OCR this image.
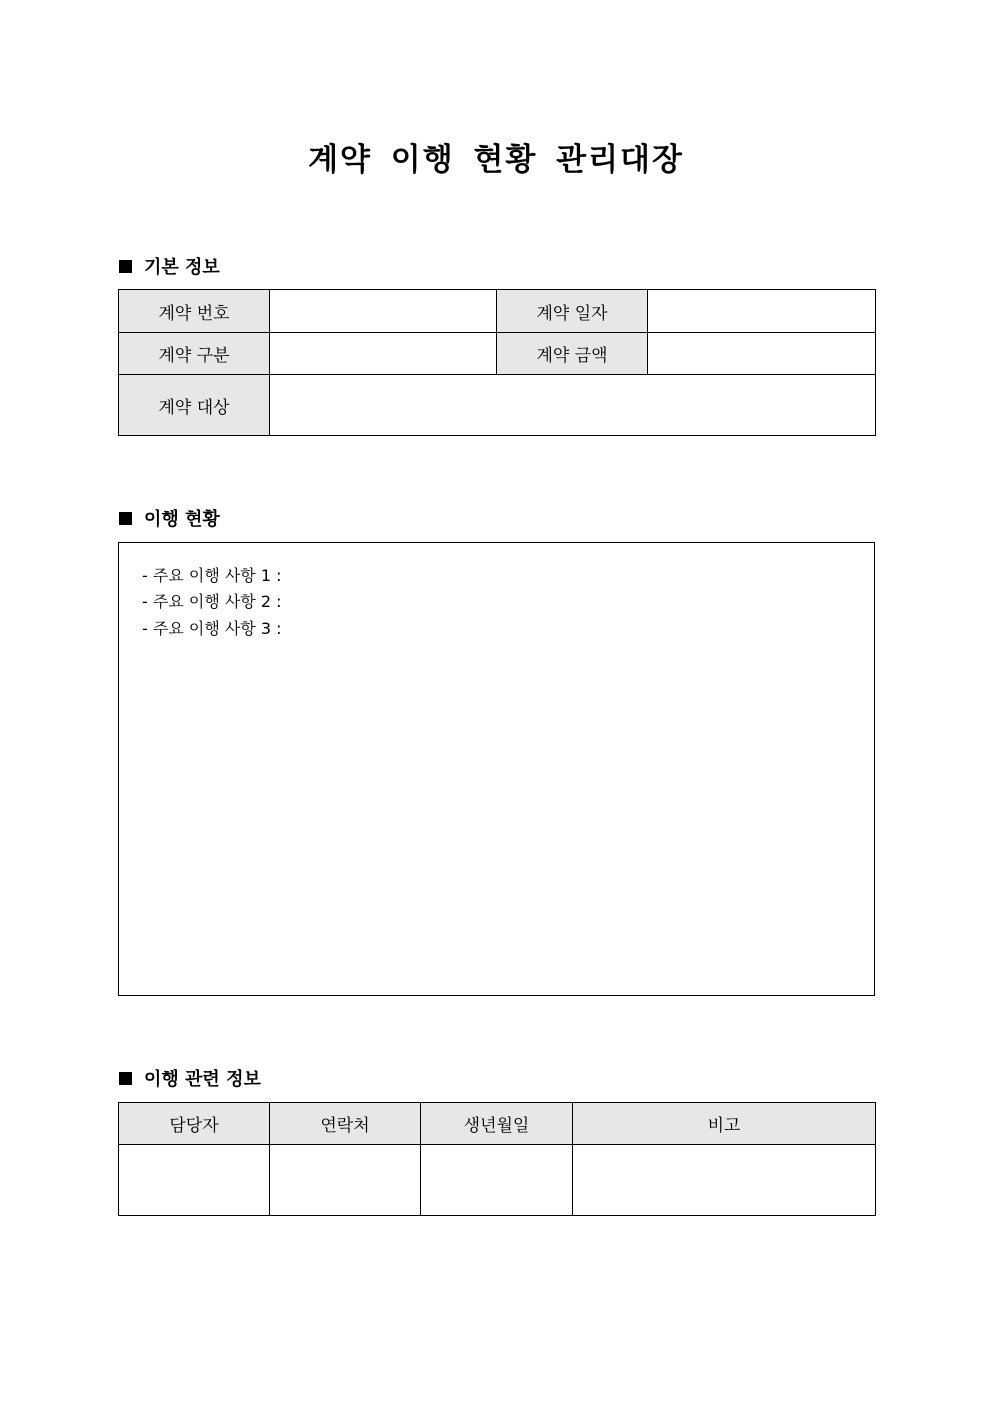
계약 이행 현황 관리대장
기본 정보
계약 번호		계약 일자	
계약 구분		계약 금액	
계약 대상			
이행 현황
- 주요 이행 사항 1 :
- 주요 이행 사항 2 :
- 주요 이행 사항 3 :
이행 관련 정보
담당자	연락처	생년월일	비고
